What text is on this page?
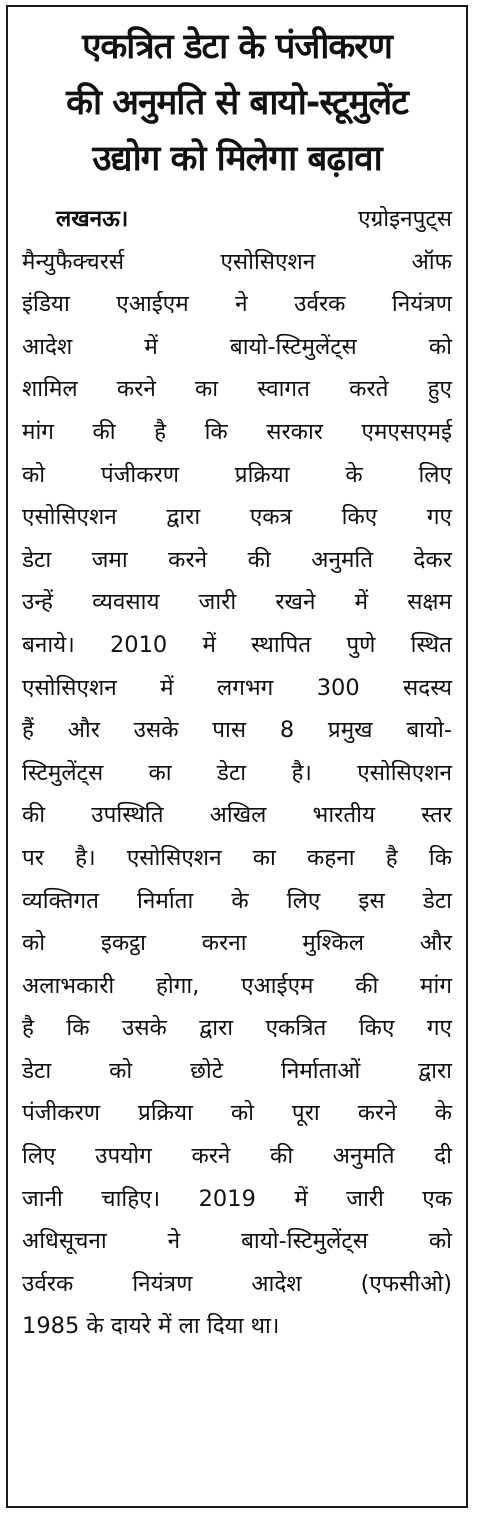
एकत्रित डेटा के पंजीकरण
की अनुमति से बायो-स्टूमुलेंट
उद्योग को मिलेगा बढ़ावा
लखनऊ।	एग्रोइनपुट्स
मैन्युफैक्चरर्स एसोसिएशन ऑफ
इंडिया एआईएम ने उर्वरक नियंत्रण
आदेश में बायो-स्टिमुलेंट्स को
शामिल करने का स्वागत करते हुए
मांग की है कि सरकार एमएसएमई
को पंजीकरण प्रक्रिया के लिए
एसोसिएशन द्वारा एकत्र किए गए
डेटा जमा करने की अनुमति देकर
उन्हें व्यवसाय जारी रखने में सक्षम
बनाये। 2010 में स्थापित पुणे स्थित
एसोसिएशन में लगभग 300 सदस्य
हैं और उसके पास 8 प्रमुख बायो-
स्टिमुलेंट्स का डेटा है। एसोसिएशन
की उपस्थिति अखिल भारतीय स्तर
पर है। एसोसिएशन का कहना है कि
व्यक्तिगत निर्माता के लिए इस डेटा
को इकट्ठा करना मुश्किल और
अलाभकारी होगा, एआईएम की मांग
है कि उसके द्वारा एकत्रित किए गए
डेटा को छोटे निर्माताओं द्वारा
पंजीकरण प्रक्रिया को पूरा करने के
लिए उपयोग करने की अनुमति दी
जानी चाहिए। 2019 में जारी एक
अधिसूचना ने बायो-स्टिमुलेंट्स को
उर्वरक नियंत्रण आदेश (एफसीओ)
1985 के दायरे में ला दिया था।
